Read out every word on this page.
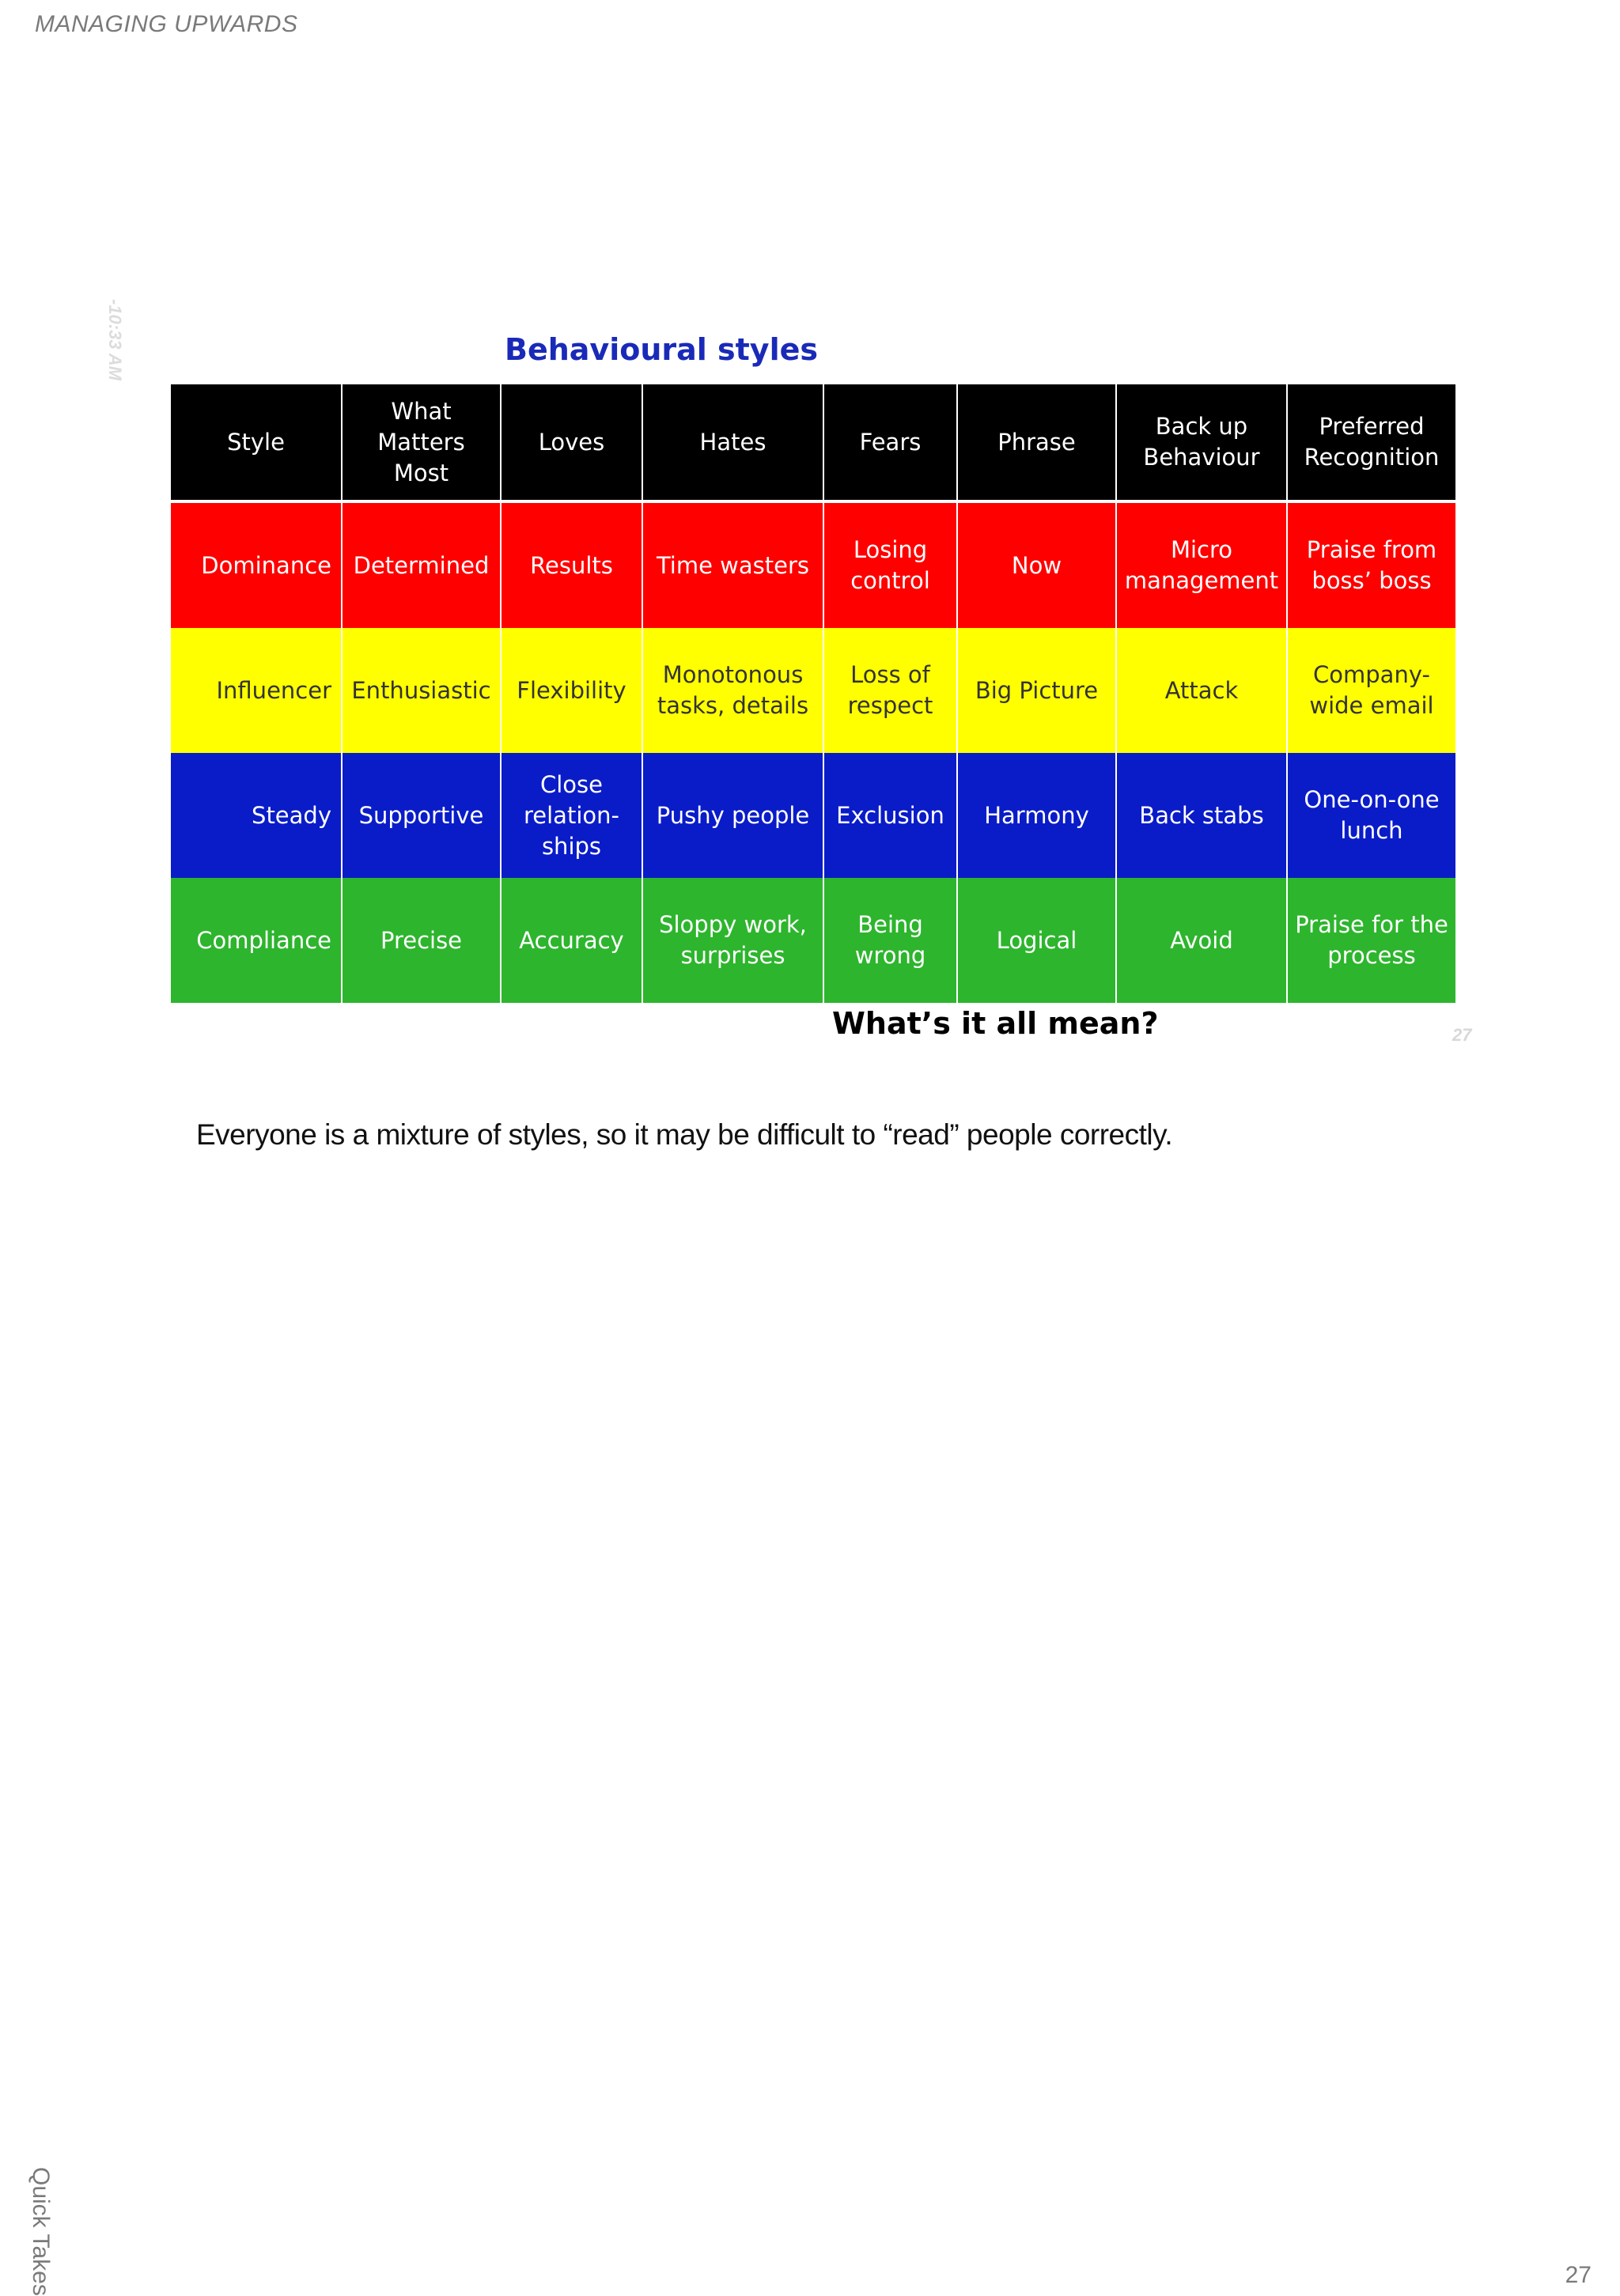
MANAGING UPWARDS
-10:33 AM	Behavioural styles
Style	What Matters Most	Loves	Hates	Fears	Phrase	Back up Behaviour	Preferred Recognition
Dominance	Determined	Results	Time wasters	Losing control	Now	Micro management	Praise from boss’ boss
Influencer	Enthusiastic	Flexibility	Monotonous tasks, details	Loss of respect	Big Picture	Attack	Company-wide email
Steady	Supportive	Close relation-ships	Pushy people	Exclusion	Harmony	Back stabs	One-on-one lunch
Compliance	Precise	Accuracy	Sloppy work, surprises	Being wrong	Logical	Avoid	Praise for the process
What’s it all mean?	27
Everyone is a mixture of styles, so it may be difficult to “read” people correctly.
Quick Takes	27
